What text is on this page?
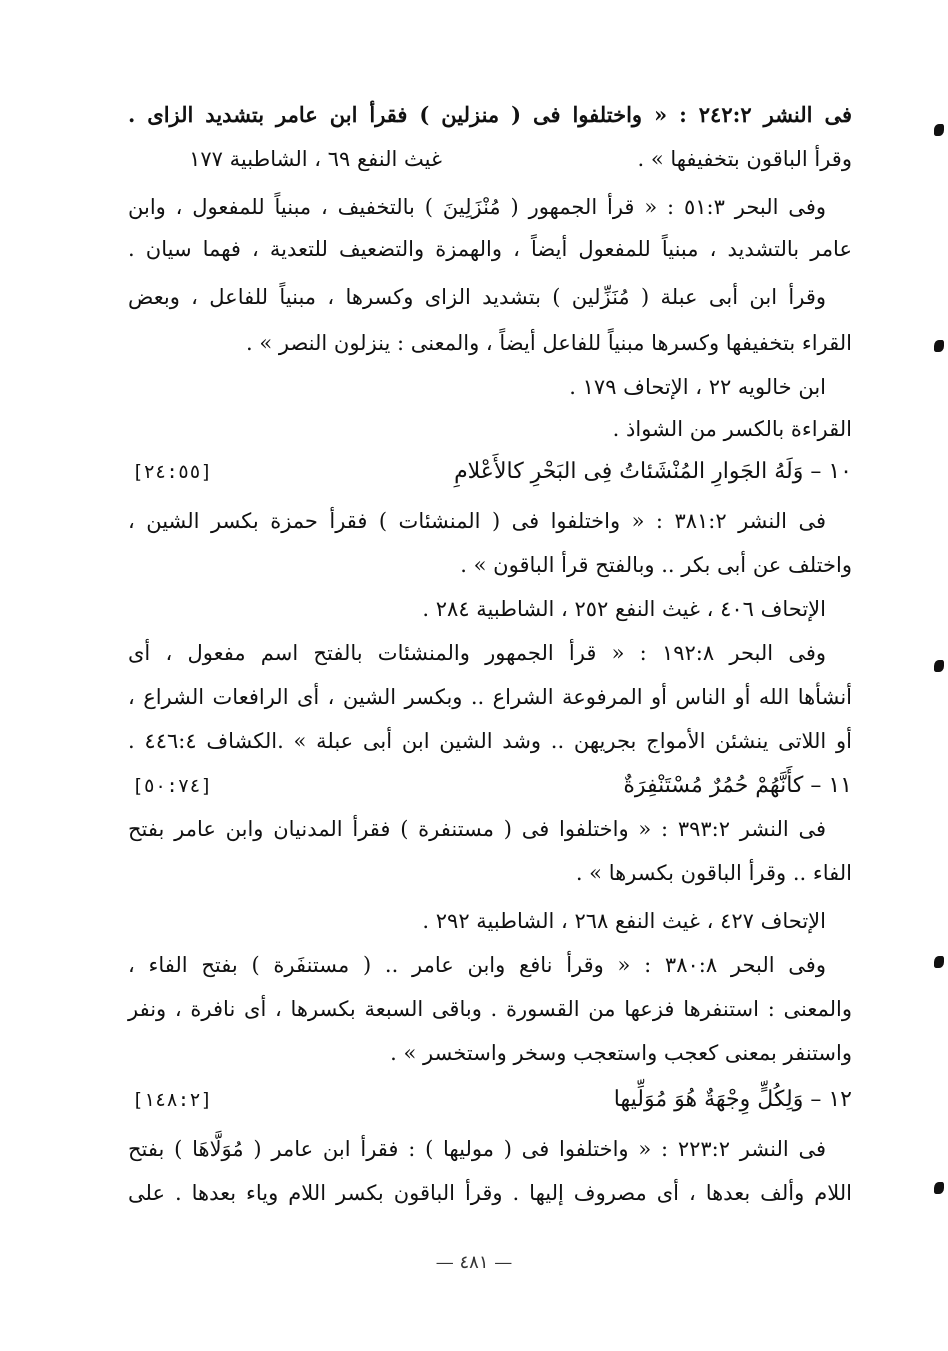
فى النشر ٢٤٢:٢ : « واختلفوا فى ( منزلين ) فقرأ ابن عامر بتشديد الزاى .
وقرأ الباقون بتخفيفها » .
غيث النفع ٦٩ ، الشاطبية ١٧٧
وفى البحر ٥١:٣ : « قرأ الجمهور ( مُنْزَلِينَ ) بالتخفيف ، مبنياً للمفعول ، وابن
عامر بالتشديد ، مبنياً للمفعول أيضاً ، والهمزة والتضعيف للتعدية ، فهما سيان .
وقرأ ابن أبى عبلة ( مُنَزِّلين ) بتشديد الزاى وكسرها ، مبنياً للفاعل ، وبعض
القراء بتخفيفها وكسرها مبنياً للفاعل أيضاً ، والمعنى : ينزلون النصر » .
ابن خالويه ٢٢ ، الإتحاف ١٧٩ .
القراءة بالكسر من الشواذ .
١٠ – وَلَهُ الجَوارِ المُنْشَئاتُ فِى البَحْرِ كالأَعْلامِ
[٢٤:٥٥]
فى النشر ٣٨١:٢ : « واختلفوا فى ( المنشئات ) فقرأ حمزة بكسر الشين ،
واختلف عن أبى بكر .. وبالفتح قرأ الباقون » .
الإتحاف ٤٠٦ ، غيث النفع ٢٥٢ ، الشاطبية ٢٨٤ .
وفى البحر ١٩٢:٨ : « قرأ الجمهور والمنشئات بالفتح اسم مفعول ، أى
أنشأها الله أو الناس أو المرفوعة الشراع .. وبكسر الشين ، أى الرافعات الشراع ،
أو اللاتى ينشئن الأمواج بجريهن .. وشد الشين ابن أبى عبلة » .الكشاف ٤٤٦:٤ .
١١ – كأَنَّهُمْ حُمُرٌ مُسْتَنْفِرَةٌ
[٥٠:٧٤]
فى النشر ٣٩٣:٢ : « واختلفوا فى ( مستنفرة ) فقرأ المدنيان وابن عامر بفتح
الفاء .. وقرأ الباقون بكسرها » .
الإتحاف ٤٢٧ ، غيث النفع ٢٦٨ ، الشاطبية ٢٩٢ .
وفى البحر ٣٨٠:٨ : « وقرأ نافع وابن عامر .. ( مستنفَرة ) بفتح الفاء ،
والمعنى : استنفرها فزعها من القسورة . وباقى السبعة بكسرها ، أى نافرة ، ونفر
واستنفر بمعنى كعجب واستعجب وسخر واستخسر » .
١٢ – وَلِكُلٍّ وِجْهَةٌ هُوَ مُوَلِّيها
[١٤٨:٢]
فى النشر ٢٢٣:٢ : « واختلفوا فى ( موليها ) : فقرأ ابن عامر ( مُوَلَّاهَا ) بفتح
اللام وألف بعدها ، أى مصروف إليها . وقرأ الباقون بكسر اللام وياء بعدها . على
— ٤٨١ —
